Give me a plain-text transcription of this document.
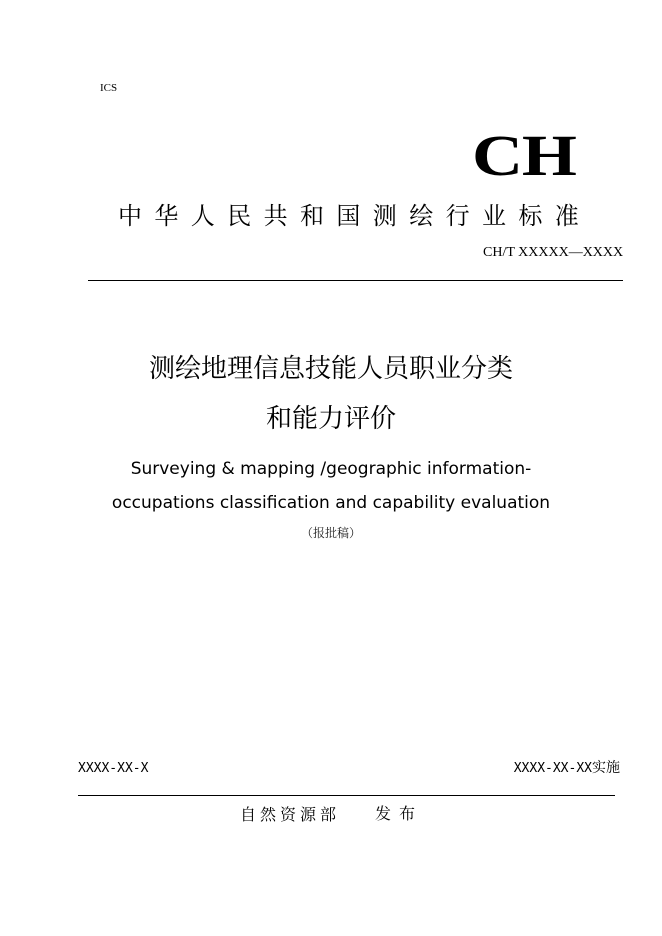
ICS
CH
中华人民共和国测绘行业标准
CH/T XXXXX—XXXX
测绘地理信息技能人员职业分类
和能力评价
Surveying & mapping /geographic information-
occupations classification and capability evaluation
（报批稿）
XXXX-XX-X	XXXX-XX-XX实施
自然资源部 发布
